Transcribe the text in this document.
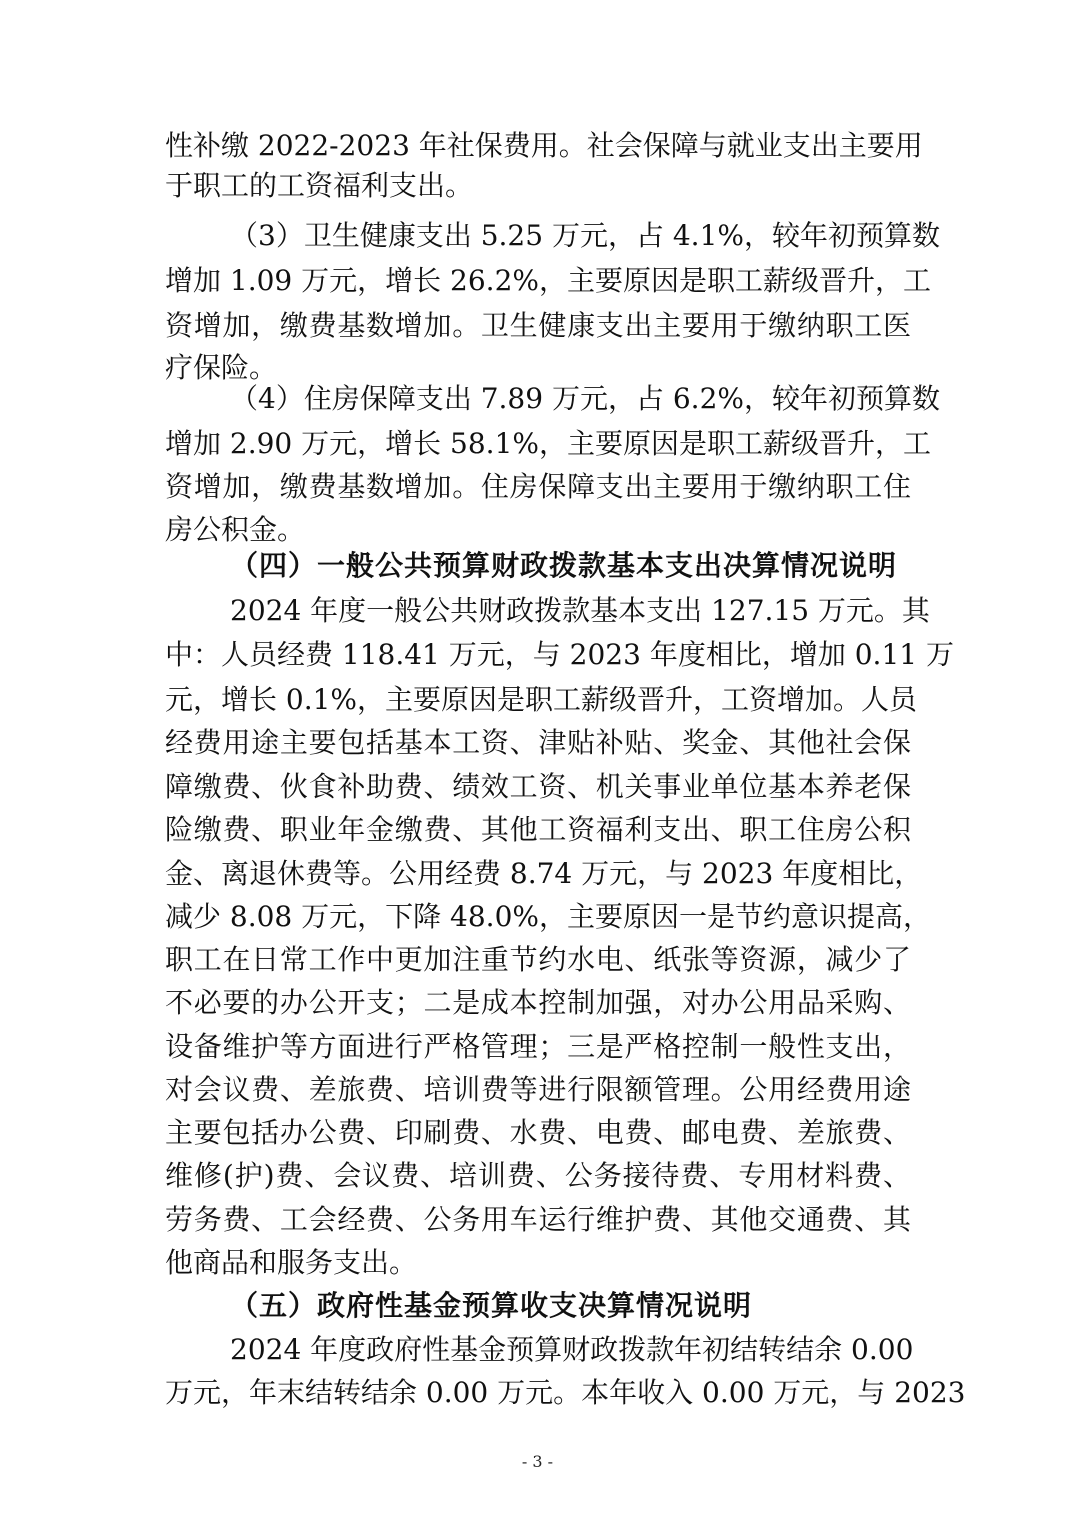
性补缴 2022-2023 年社保费用。社会保障与就业支出主要用
于职工的工资福利支出。
（3）卫生健康支出 5.25 万元，占 4.1%，较年初预算数
增加 1.09 万元，增长 26.2%，主要原因是职工薪级晋升，工
资增加，缴费基数增加。卫生健康支出主要用于缴纳职工医
疗保险。
（4）住房保障支出 7.89 万元，占 6.2%，较年初预算数
增加 2.90 万元，增长 58.1%，主要原因是职工薪级晋升，工
资增加，缴费基数增加。住房保障支出主要用于缴纳职工住
房公积金。
（四）一般公共预算财政拨款基本支出决算情况说明
2024 年度一般公共财政拨款基本支出 127.15 万元。其
中：人员经费 118.41 万元，与 2023 年度相比，增加 0.11 万
元，增长 0.1%，主要原因是职工薪级晋升，工资增加。人员
经费用途主要包括基本工资、津贴补贴、奖金、其他社会保
障缴费、伙食补助费、绩效工资、机关事业单位基本养老保
险缴费、职业年金缴费、其他工资福利支出、职工住房公积
金、离退休费等。公用经费 8.74 万元，与 2023 年度相比，
减少 8.08 万元，下降 48.0%，主要原因一是节约意识提高，
职工在日常工作中更加注重节约水电、纸张等资源，减少了
不必要的办公开支；二是成本控制加强，对办公用品采购、
设备维护等方面进行严格管理；三是严格控制一般性支出，
对会议费、差旅费、培训费等进行限额管理。公用经费用途
主要包括办公费、印刷费、水费、电费、邮电费、差旅费、
维修(护)费、会议费、培训费、公务接待费、专用材料费、
劳务费、工会经费、公务用车运行维护费、其他交通费、其
他商品和服务支出。
（五）政府性基金预算收支决算情况说明
2024 年度政府性基金预算财政拨款年初结转结余 0.00
万元，年末结转结余 0.00 万元。本年收入 0.00 万元，与 2023
- 3 -
